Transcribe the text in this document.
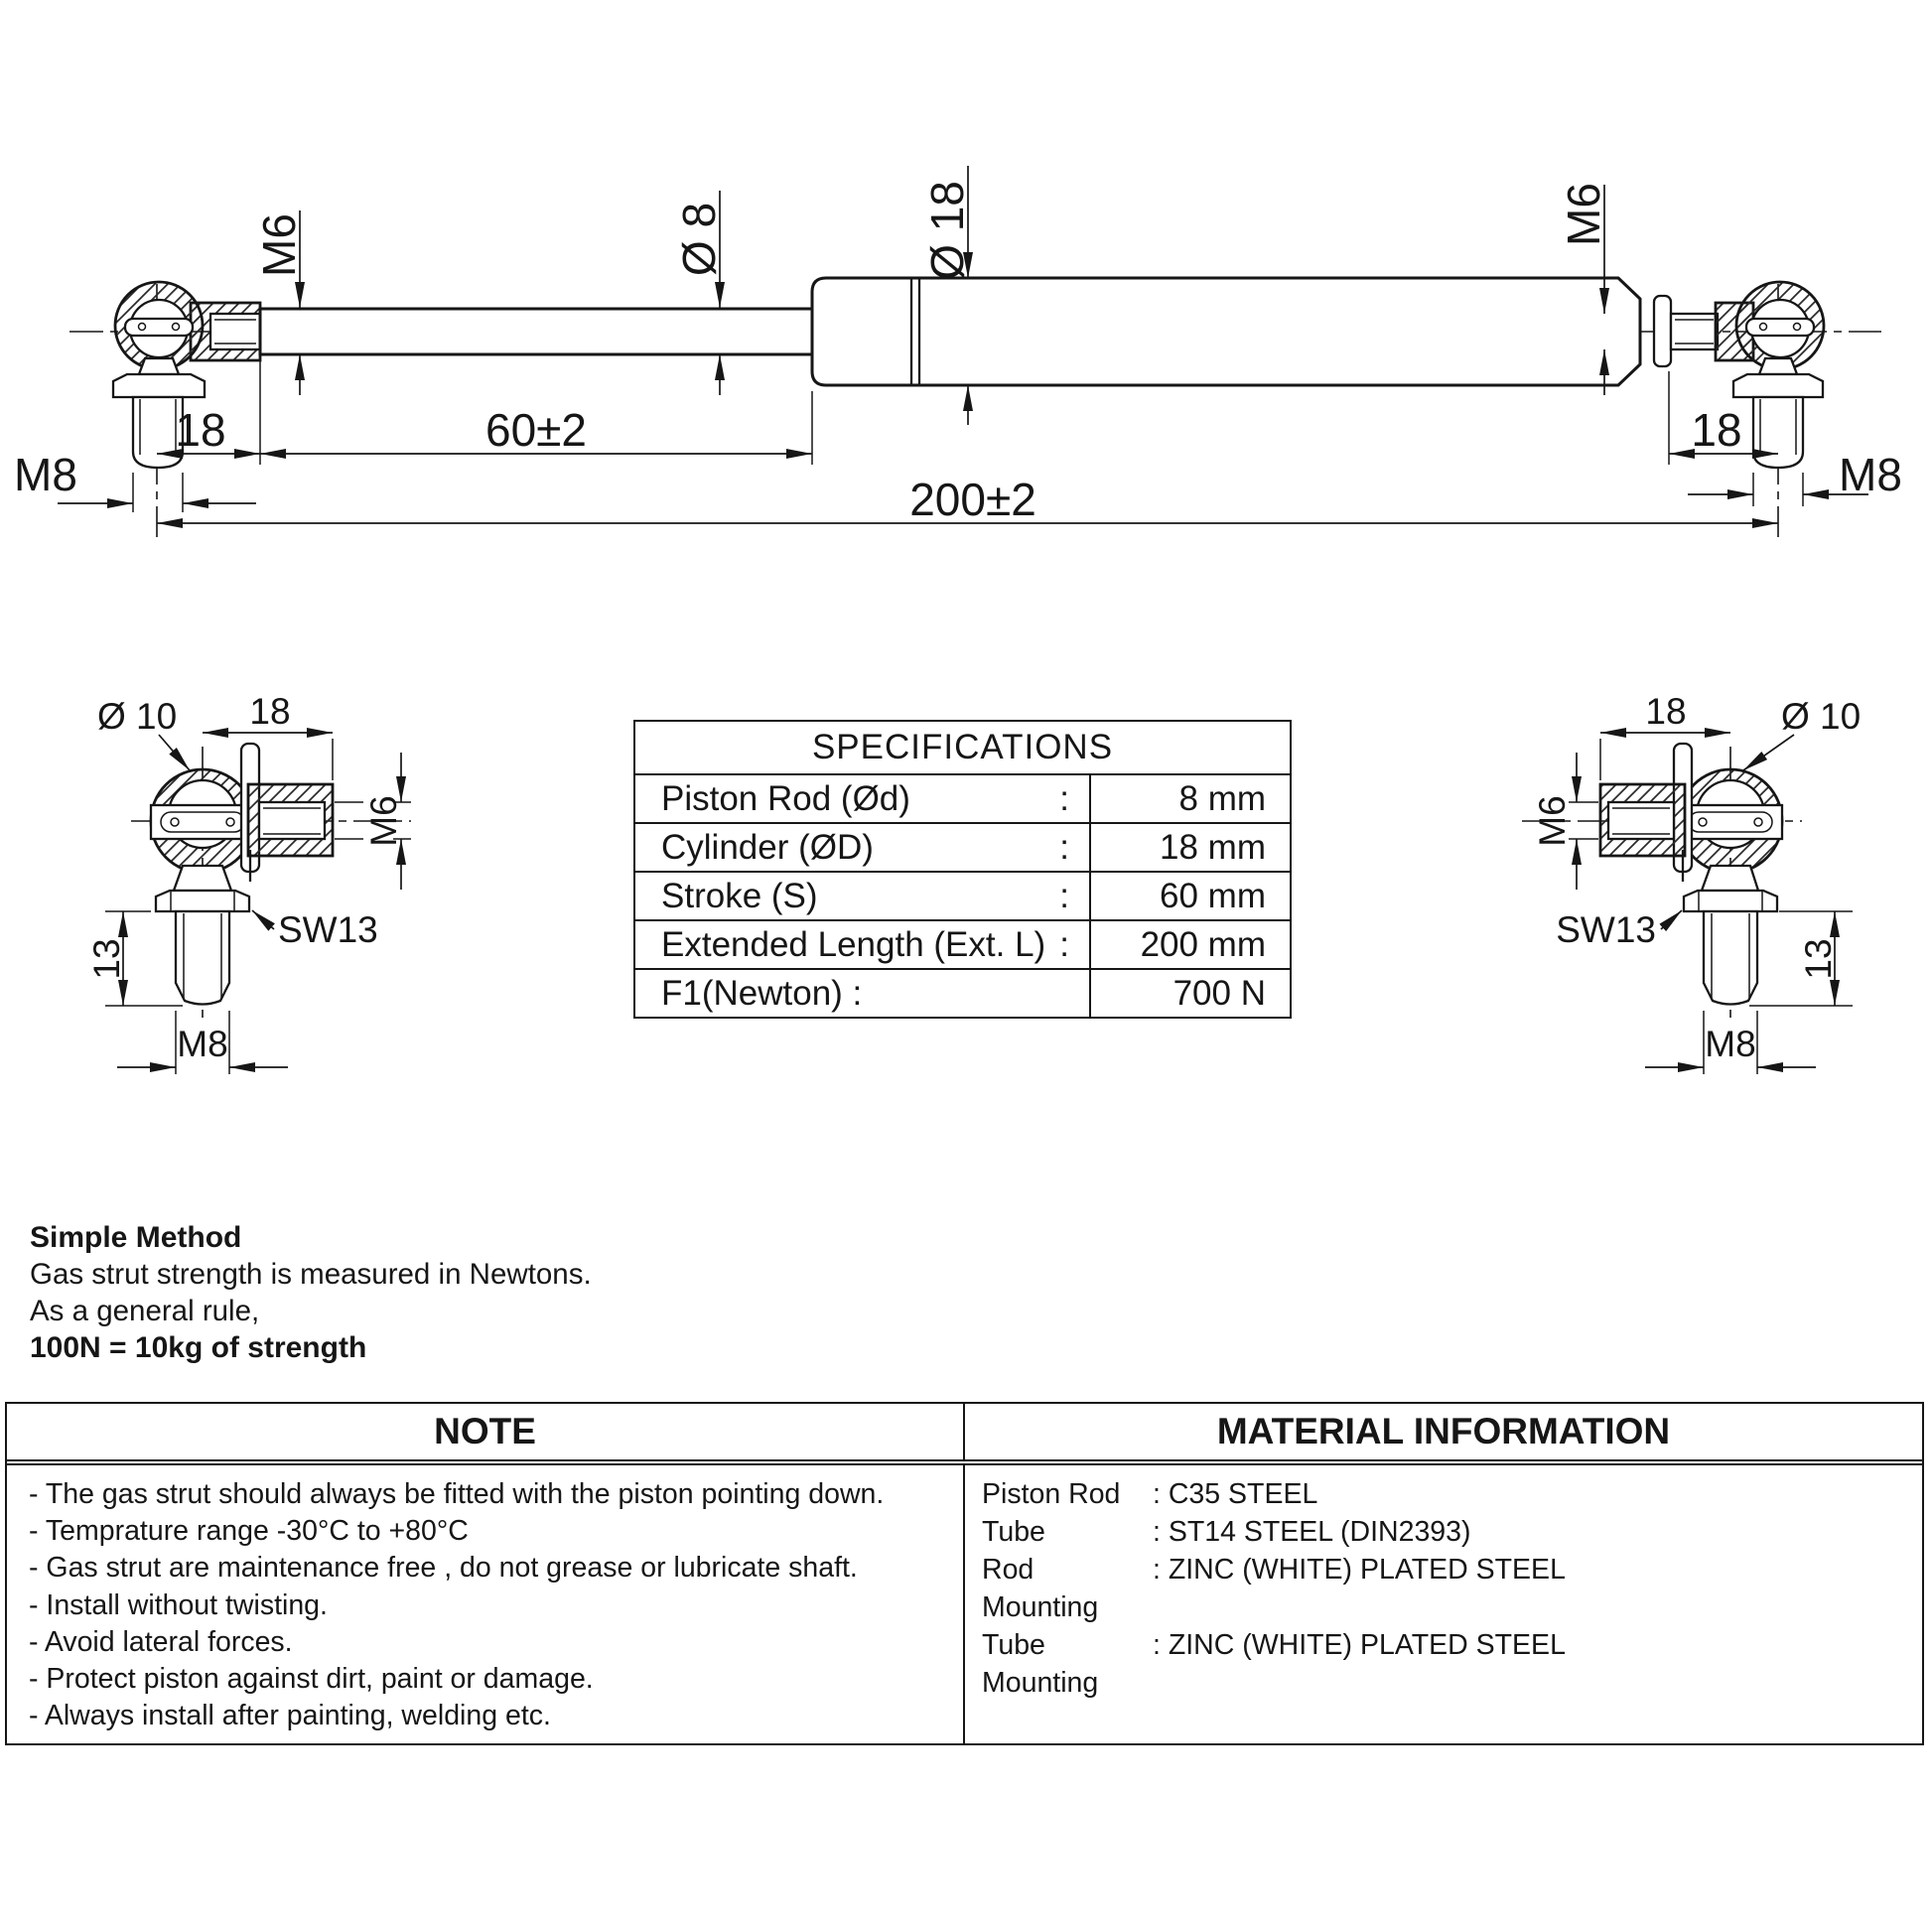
M6	Ø 8	Ø 18	M6
18	60±2	18
M8	M8
200±2
Ø 10 18
M6
SW13
13
M8
18	Ø 10
M6
SW13
13
M8
SPECIFICATIONS
Piston Rod (Ød)	:	8 mm
Cylinder (ØD)	:	18 mm
Stroke (S)	:	60 mm
Extended Length (Ext. L) :	200 mm
F1(Newton) :	700 N
Simple Method
Gas strut strength is measured in Newtons.
As a general rule,
100N = 10kg of strength
NOTE	MATERIAL INFORMATION
- The gas strut should always be fitted with the piston pointing down.
- Temprature range -30°C to +80°C
- Gas strut are maintenance free , do not grease or lubricate shaft.
- Install without twisting.
- Avoid lateral forces.
- Protect piston against dirt, paint or damage.
- Always install after painting, welding etc.
Piston Rod	: C35 STEEL
Tube	: ST14 STEEL (DIN2393)
Rod Mounting
: ZINC (WHITE) PLATED STEEL
Tube Mounting
: ZINC (WHITE) PLATED STEEL
